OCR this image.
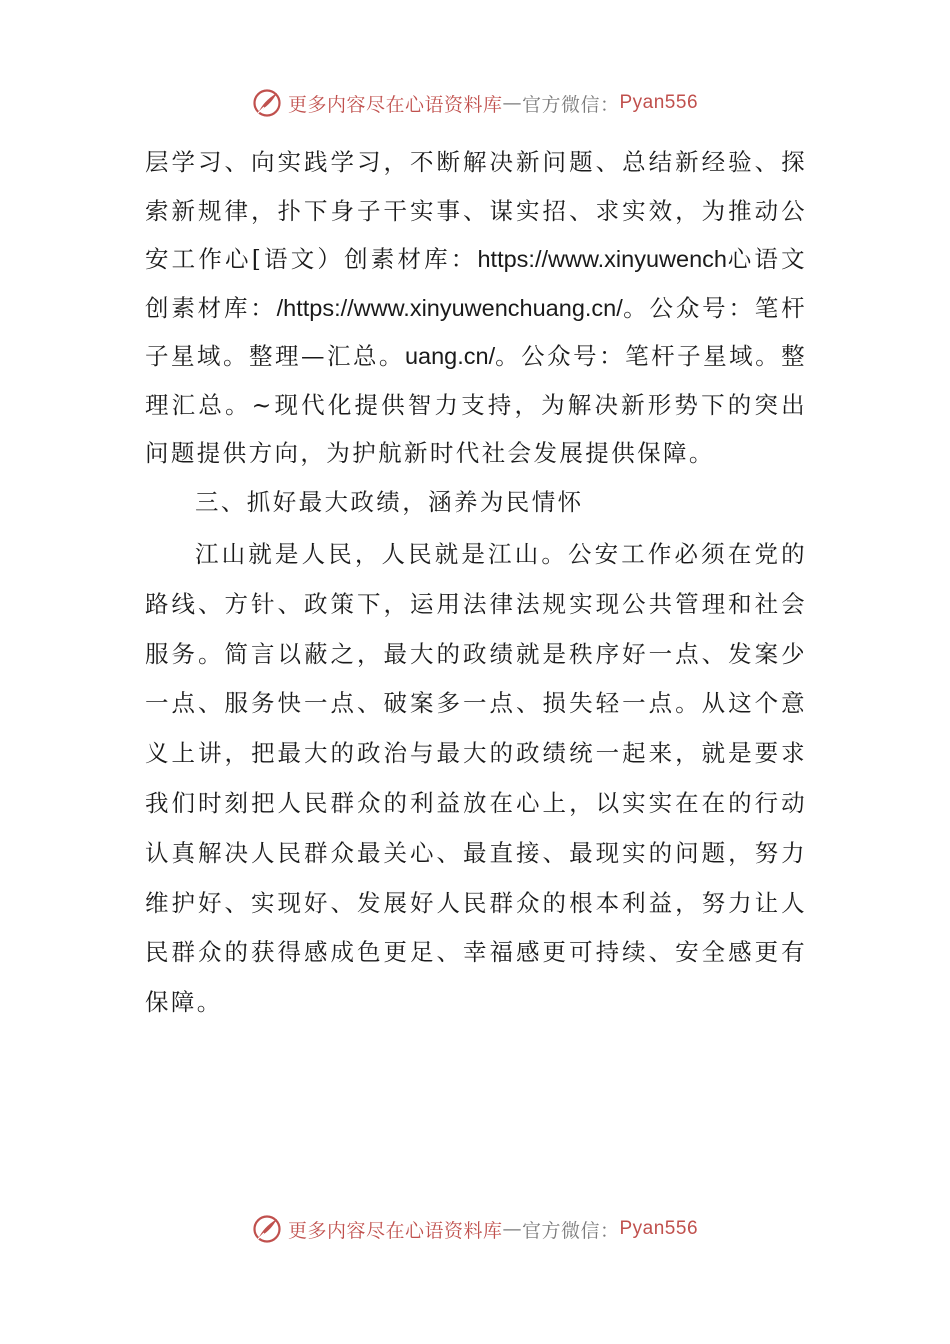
更多内容尽在心语资料库 — 官方微信： Pyan556

层学习、向实践学习，不断解决新问题、总结新经验、探索新规律，扑下身子干实事、谋实招、求实效，为推动公安工作心[语文）创素材库：https://www.xinyuwench心语文创素材库：/https://www.xinyuwenchuang.cn/。公众号：笔杆子星域。整理—汇总。uang.cn/。公众号：笔杆子星域。整理汇总。~现代化提供智力支持，为解决新形势下的突出问题提供方向，为护航新时代社会发展提供保障。

三、抓好最大政绩，涵养为民情怀

江山就是人民，人民就是江山。公安工作必须在党的路线、方针、政策下，运用法律法规实现公共管理和社会服务。简言以蔽之，最大的政绩就是秩序好一点、发案少一点、服务快一点、破案多一点、损失轻一点。从这个意义上讲，把最大的政治与最大的政绩统一起来，就是要求我们时刻把人民群众的利益放在心上，以实实在在的行动认真解决人民群众最关心、最直接、最现实的问题，努力维护好、实现好、发展好人民群众的根本利益，努力让人民群众的获得感成色更足、幸福感更可持续、安全感更有保障。

更多内容尽在心语资料库 — 官方微信： Pyan556
